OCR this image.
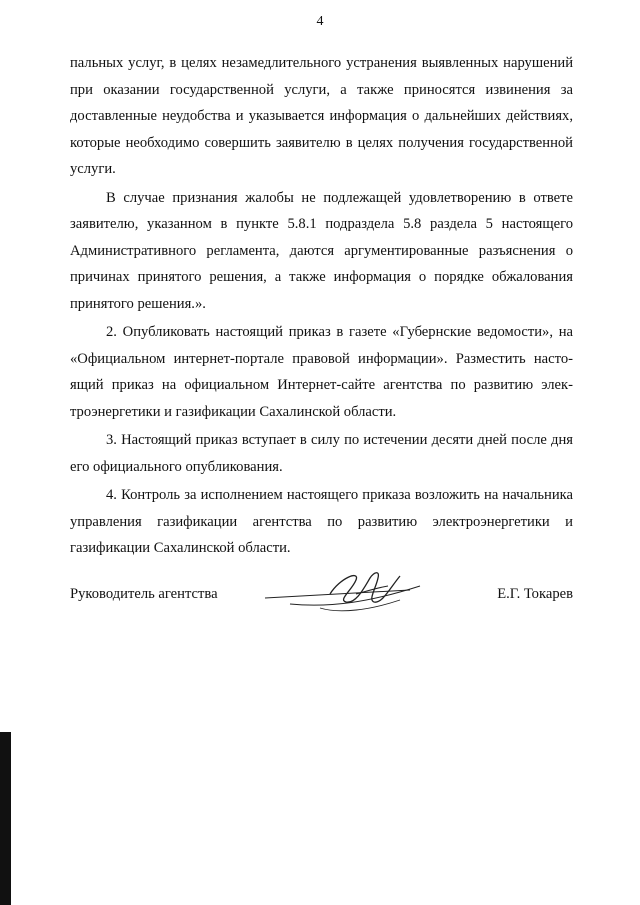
4

пальных услуг, в целях незамедлительного устранения выявленных нарушений при оказании государственной услуги, а также приносятся извинения за доставленные неудобства и указывается информация о дальнейших действиях, которые необходимо совершить заявителю в целях получения государственной услуги.

В случае признания жалобы не подлежащей удовлетворению в ответе заявителю, указанном в пункте 5.8.1 подраздела 5.8 раздела 5 настоящего Административного регламента, даются аргументированные разъяснения о причинах принятого решения, а также информация о порядке обжалования принятого решения.».

2. Опубликовать настоящий приказ в газете «Губернские ведомости», на «Официальном интернет-портале правовой информации». Разместить настоящий приказ на официальном Интернет-сайте агентства по развитию электроэнергетики и газификации Сахалинской области.

3. Настоящий приказ вступает в силу по истечении десяти дней после дня его официального опубликования.

4. Контроль за исполнением настоящего приказа возложить на начальника управления газификации агентства по развитию электроэнергетики и газификации Сахалинской области.

Руководитель агентства	Е.Г. Токарев
